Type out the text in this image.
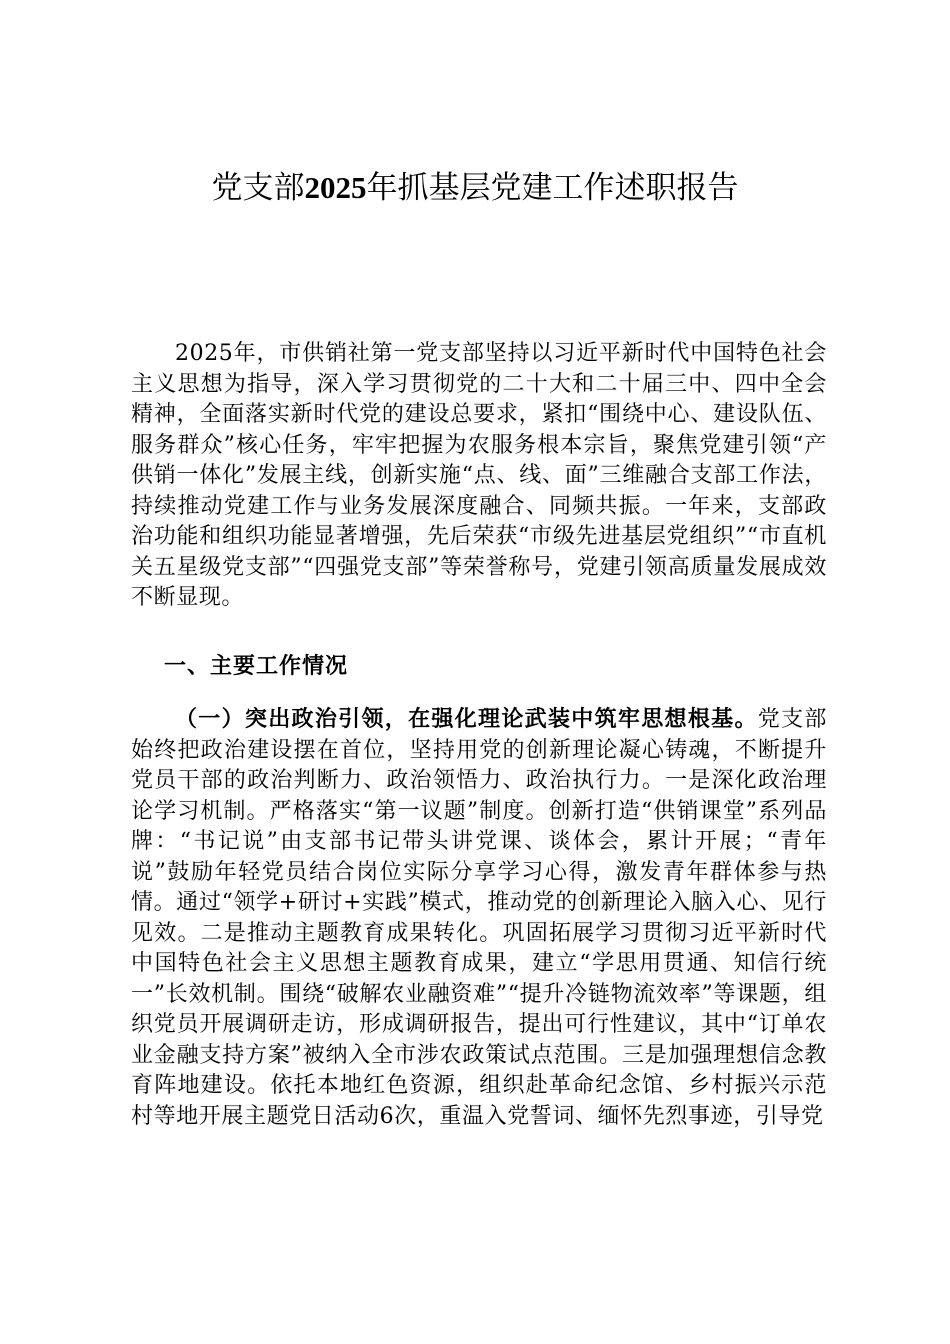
党支部2025年抓基层党建工作述职报告

2025年，市供销社第一党支部坚持以习近平新时代中国特色社会主义思想为指导，深入学习贯彻党的二十大和二十届三中、四中全会精神，全面落实新时代党的建设总要求，紧扣“围绕中心、建设队伍、服务群众”核心任务，牢牢把握为农服务根本宗旨，聚焦党建引领“产供销一体化”发展主线，创新实施“点、线、面”三维融合支部工作法，持续推动党建工作与业务发展深度融合、同频共振。一年来，支部政治功能和组织功能显著增强，先后荣获“市级先进基层党组织”“市直机关五星级党支部”“四强党支部”等荣誉称号，党建引领高质量发展成效不断显现。

一、主要工作情况

（一）突出政治引领，在强化理论武装中筑牢思想根基。党支部始终把政治建设摆在首位，坚持用党的创新理论凝心铸魂，不断提升党员干部的政治判断力、政治领悟力、政治执行力。一是深化政治理论学习机制。严格落实“第一议题”制度。创新打造“供销课堂”系列品牌：“书记说”由支部书记带头讲党课、谈体会，累计开展；“青年说”鼓励年轻党员结合岗位实际分享学习心得，激发青年群体参与热情。通过“领学+研讨+实践”模式，推动党的创新理论入脑入心、见行见效。二是推动主题教育成果转化。巩固拓展学习贯彻习近平新时代中国特色社会主义思想主题教育成果，建立“学思用贯通、知信行统一”长效机制。围绕“破解农业融资难”“提升冷链物流效率”等课题，组织党员开展调研走访，形成调研报告，提出可行性建议，其中“订单农业金融支持方案”被纳入全市涉农政策试点范围。三是加强理想信念教育阵地建设。依托本地红色资源，组织赴革命纪念馆、乡村振兴示范村等地开展主题党日活动6次，重温入党誓词、缅怀先烈事迹，引导党
